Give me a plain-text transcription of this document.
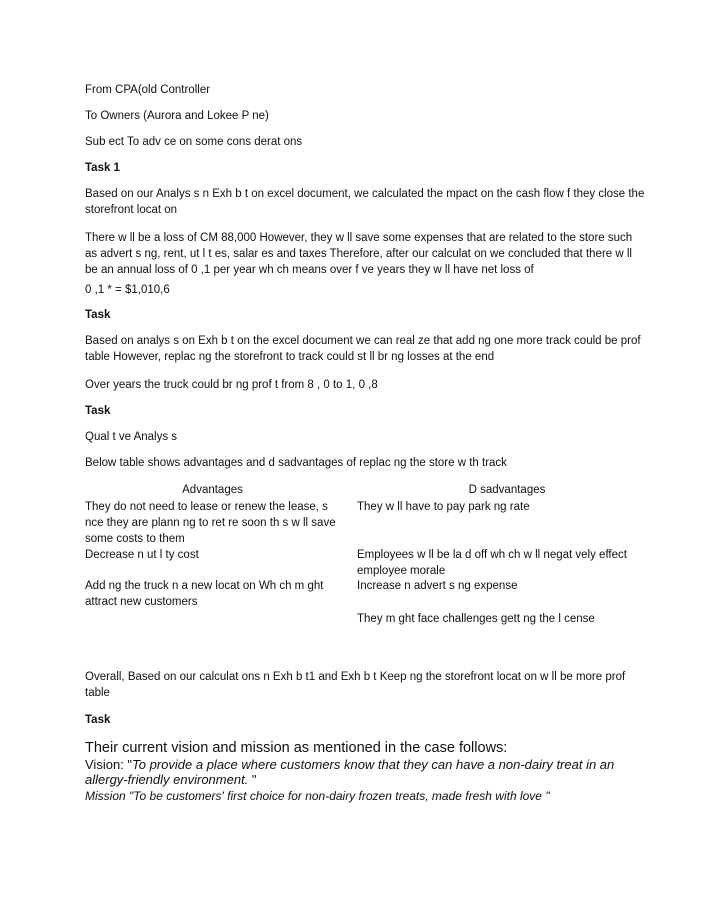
From CPA(old Controller

To Owners (Aurora and Lokee P ne)

Sub ect To adv ce on some cons derat ons

Task 1

Based on our Analys s n Exh b t on excel document, we calculated the mpact on the cash flow f they close the storefront locat on

There w ll be a loss of CM 88,000 However, they w ll save some expenses that are related to the store such as advert s ng, rent, ut l t es, salar es and taxes Therefore, after our calculat on we concluded that there w ll be an annual loss of 0 ,1 per year wh ch means over f ve years they w ll have net loss of

0 ,1 * = $1,010,6

Task

Based on analys s on Exh b t on the excel document we can real ze that add ng one more track could be prof table However, replac ng the storefront to track could st ll br ng losses at the end

Over years the truck could br ng prof t from 8 , 0 to 1, 0 ,8

Task

Qual t ve Analys s

Below table shows advantages and d sadvantages of replac ng the store w th track

Advantages	D sadvantages

They do not need to lease or renew the lease, s nce they are plann ng to ret re soon th s w ll save some costs to them

Decrease n ut l ty cost

Add ng the truck n a new locat on Wh ch m ght attract new customers

They w ll have to pay park ng rate

Employees w ll be la d off wh ch w ll negat vely effect employee morale

Increase n advert s ng expense

They m ght face challenges gett ng the l cense

Overall, Based on our calculat ons n Exh b t1 and Exh b t Keep ng the storefront locat on w ll be more prof table

Task

Their current vision and mission as mentioned in the case follows:

Vision: "To provide a place where customers know that they can have a non-dairy treat in an allergy-friendly environment. "

Mission "To be customers' first choice for non-dairy frozen treats, made fresh with love "
